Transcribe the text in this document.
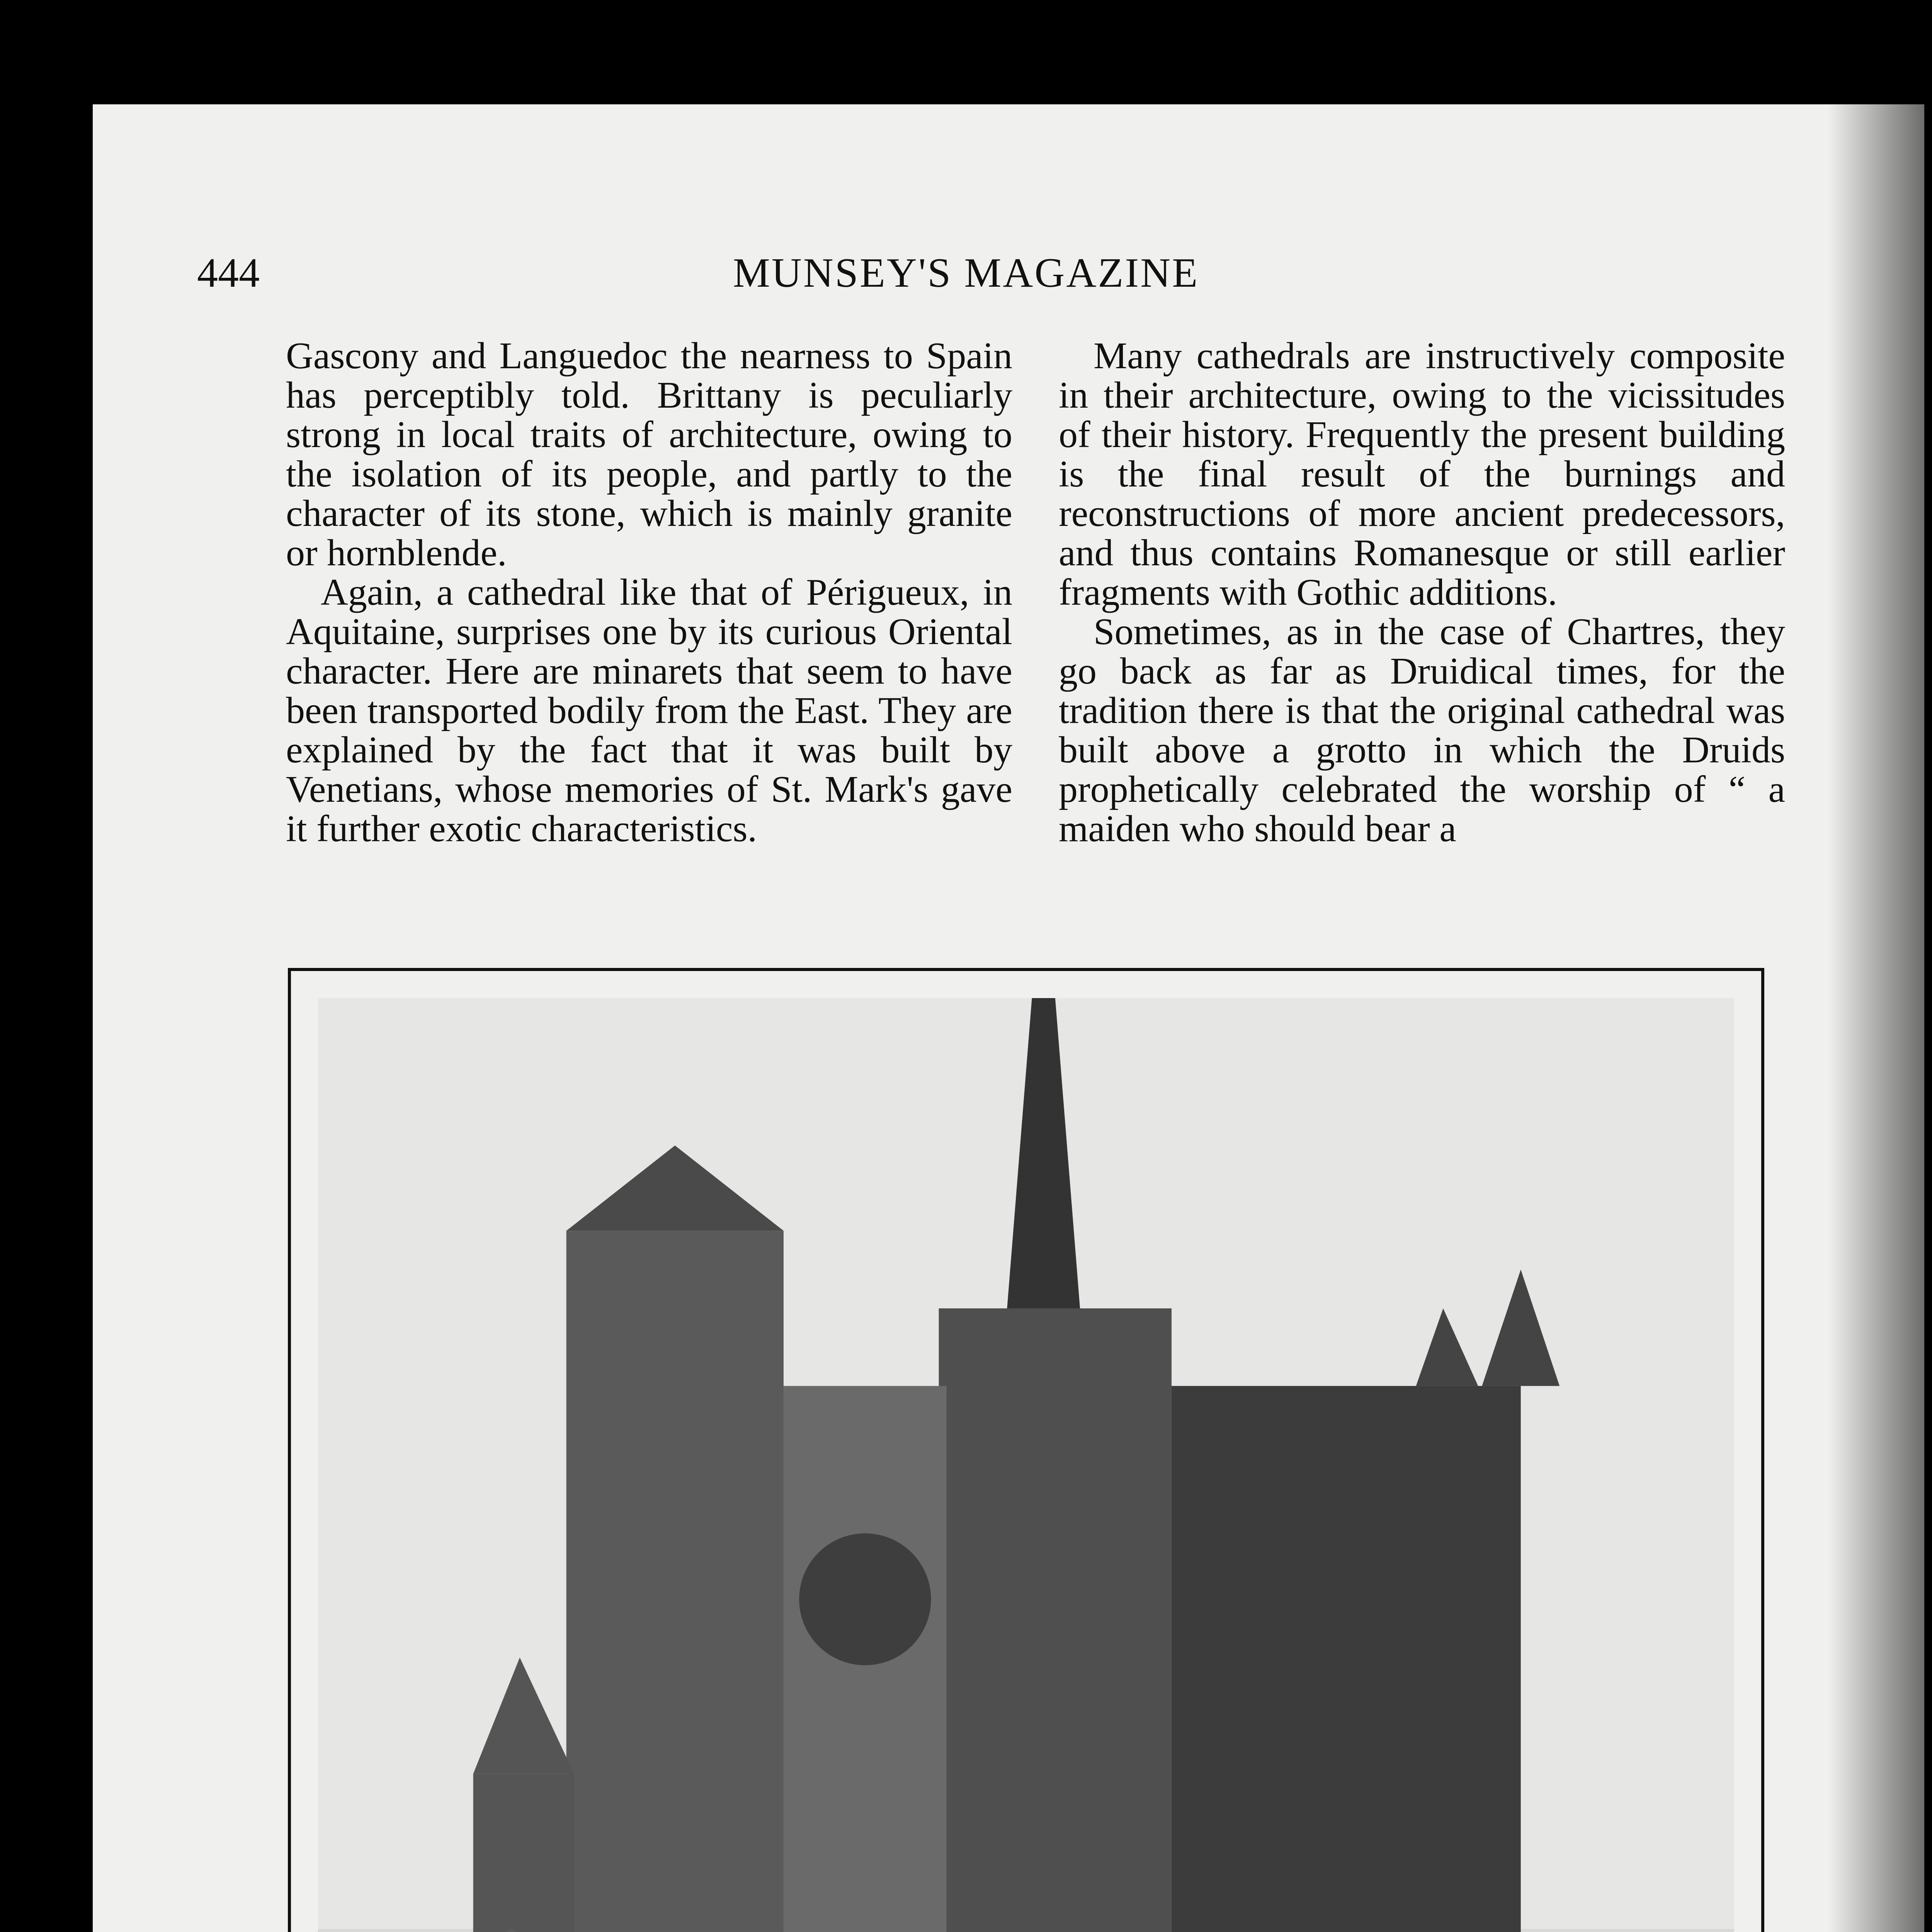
444	MUNSEY'S MAGAZINE

Gascony and Languedoc the nearness to Spain has perceptibly told. Brittany is peculiarly strong in local traits of architecture, owing to the isolation of its people, and partly to the character of its stone, which is mainly granite or hornblende.

Again, a cathedral like that of Périgueux, in Aquitaine, surprises one by its curious Oriental character. Here are minarets that seem to have been transported bodily from the East. They are explained by the fact that it was built by Venetians, whose memories of St. Mark's gave it further exotic characteristics.

Many cathedrals are instructively composite in their architecture, owing to the vicissitudes of their history. Frequently the present building is the final result of the burnings and reconstructions of more ancient predecessors, and thus contains Romanesque or still earlier fragments with Gothic additions.

Sometimes, as in the case of Chartres, they go back as far as Druidical times, for the tradition there is that the original cathedral was built above a grotto in which the Druids prophetically celebrated the worship of “ a maiden who should bear a
